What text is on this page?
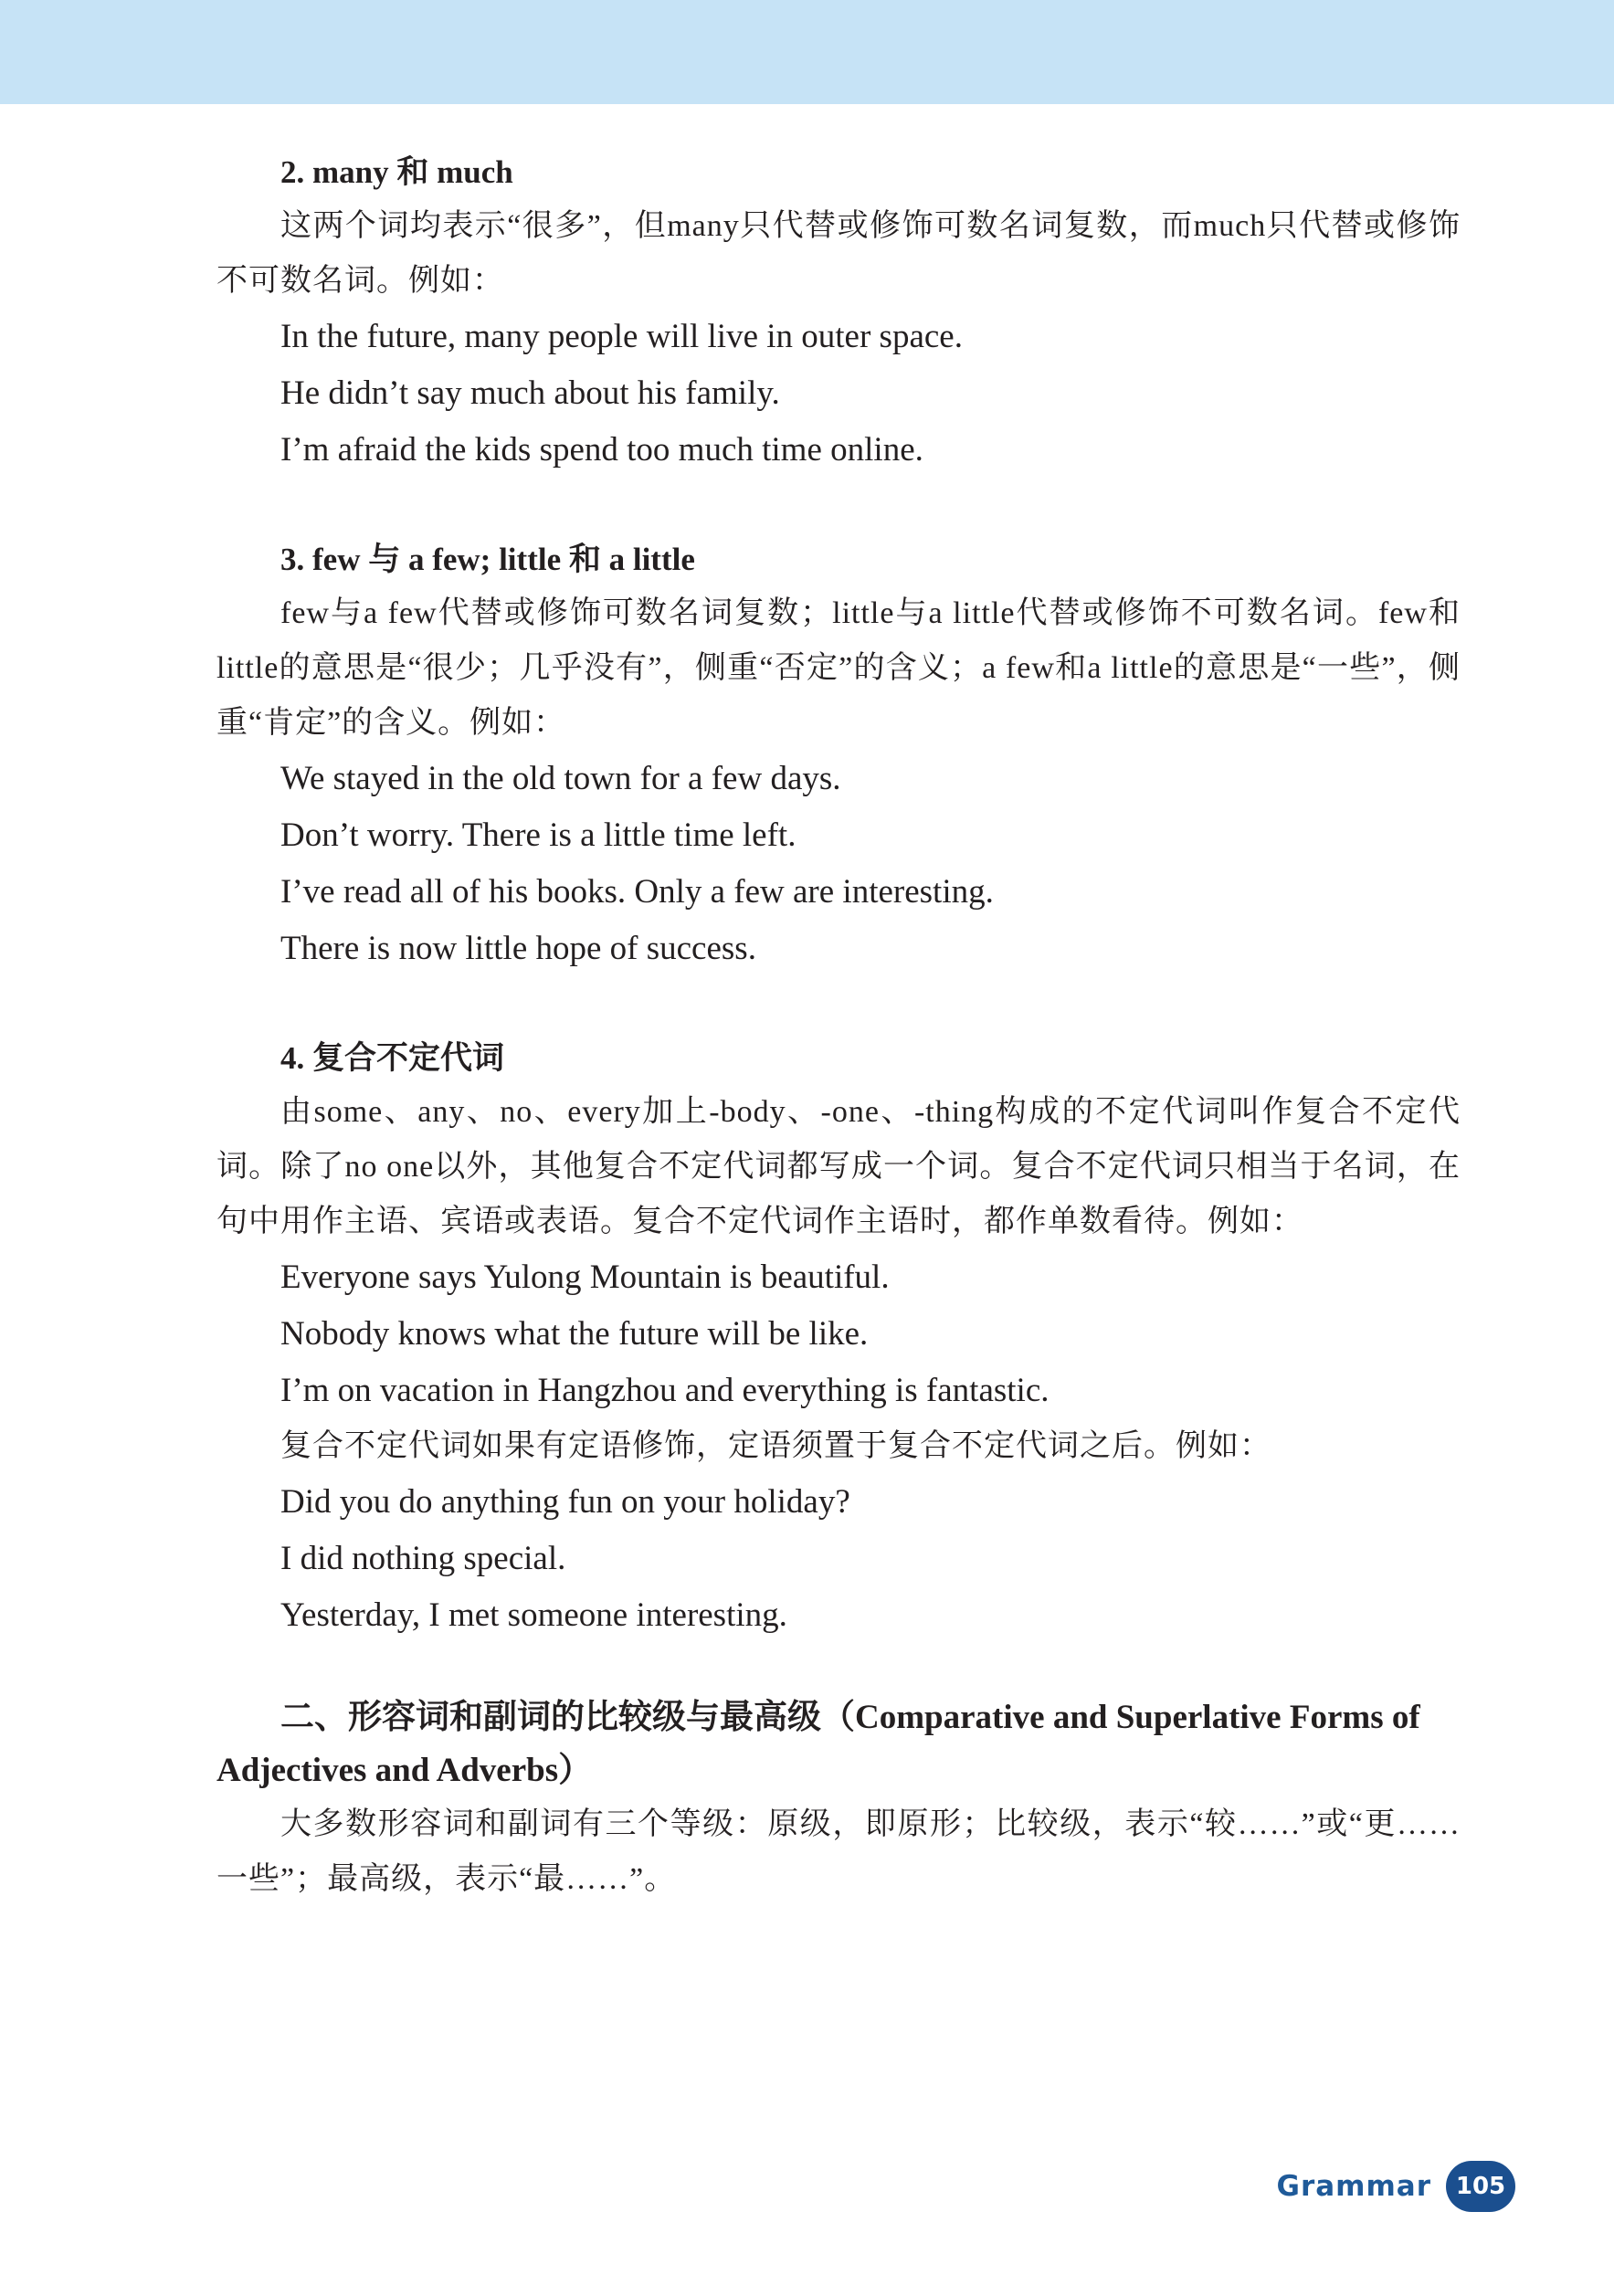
2. many 和 much

这两个词均表示“很多”，但many只代替或修饰可数名词复数，而much只代替或修饰不可数名词。例如：

In the future, many people will live in outer space.
He didn’t say much about his family.
I’m afraid the kids spend too much time online.
3. few 与 a few; little 和 a little

few与a few代替或修饰可数名词复数；little与a little代替或修饰不可数名词。few和little的意思是“很少；几乎没有”，侧重“否定”的含义；a few和a little的意思是“一些”，侧重“肯定”的含义。例如：

We stayed in the old town for a few days.
Don’t worry. There is a little time left.
I’ve read all of his books. Only a few are interesting.
There is now little hope of success.
4. 复合不定代词

由some、any、no、every加上-body、-one、-thing构成的不定代词叫作复合不定代词。除了no one以外，其他复合不定代词都写成一个词。复合不定代词只相当于名词，在句中用作主语、宾语或表语。复合不定代词作主语时，都作单数看待。例如：

Everyone says Yulong Mountain is beautiful.
Nobody knows what the future will be like.
I’m on vacation in Hangzhou and everything is fantastic.

复合不定代词如果有定语修饰，定语须置于复合不定代词之后。例如：

Did you do anything fun on your holiday?
I did nothing special.
Yesterday, I met someone interesting.

二、形容词和副词的比较级与最高级（Comparative and Superlative Forms of Adjectives and Adverbs）

大多数形容词和副词有三个等级：原级，即原形；比较级，表示“较……”或“更……一些”；最高级，表示“最……”。

Grammar	105
